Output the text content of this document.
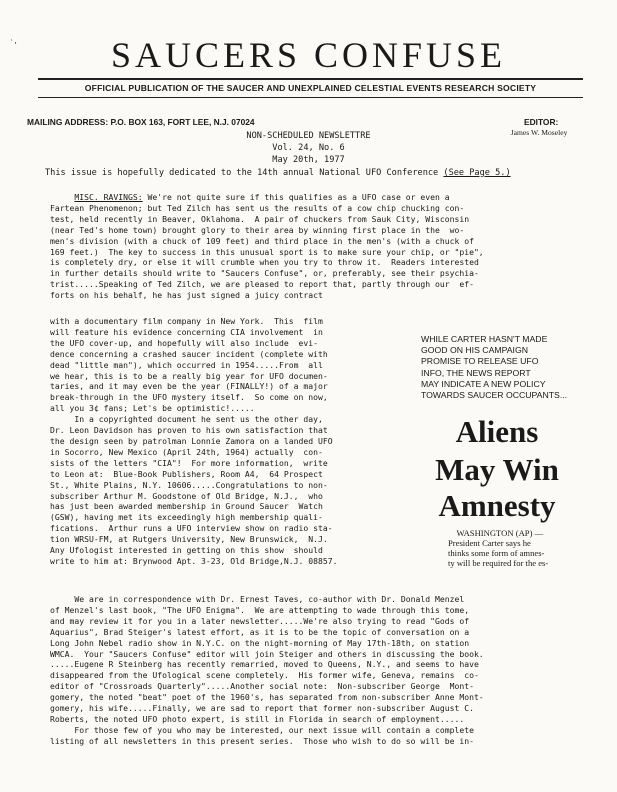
· ,	SAUCERS CONFUSE
OFFICIAL PUBLICATION OF THE SAUCER AND UNEXPLAINED CELESTIAL EVENTS RESEARCH SOCIETY
MAILING ADDRESS: P.O. BOX 163, FORT LEE, N.J. 07024	EDITOR:
James W. Moseley
NON-SCHEDULED NEWSLETTRE
Vol. 24, No. 6
May 20th, 1977
This issue is hopefully dedicated to the 14th annual National UFO Conference (See Page 5.)
MISC. RAVINGS: We're not quite sure if this qualifies as a UFO case or even a
Fartean Phenomenon; but Ted Zilch has sent us the results of a cow chip chucking con-
test, held recently in Beaver, Oklahoma.  A pair of chuckers from Sauk City, Wisconsin
(near Ted's home town) brought glory to their area by winning first place in the  wo-
men's division (with a chuck of 109 feet) and third place in the men's (with a chuck of
169 feet.)  The key to success in this unusual sport is to make sure your chip, or "pie",
is completely dry, or else it will crumble when you try to throw it.  Readers interested
in further details should write to "Saucers Confuse", or, preferably, see their psychia-
trist.....Speaking of Ted Zilch, we are pleased to report that, partly through our  ef-
forts on his behalf, he has just signed a juicy contract
with a documentary film company in New York.  This  film
will feature his evidence concerning CIA involvement  in
the UFO cover-up, and hopefully will also include  evi-
dence concerning a crashed saucer incident (complete with
dead "little man"), which occurred in 1954.....From  all
we hear, this is to be a really big year for UFO documen-
taries, and it may even be the year (FINALLY!) of a major
break-through in the UFO mystery itself.  So come on now,
all you 3¢ fans; Let's be optimistic!.....
In a copyrighted document he sent us the other day,
Dr. Leon Davidson has proven to his own satisfaction that
the design seen by patrolman Lonnie Zamora on a landed UFO
in Socorro, New Mexico (April 24th, 1964) actually  con-
sists of the letters "CIA"!  For more information,  write
to Leon at:  Blue-Book Publishers, Room A4,  64 Prospect
St., White Plains, N.Y. 10606.....Congratulations to non-
subscriber Arthur M. Goodstone of Old Bridge, N.J.,  who
has just been awarded membership in Ground Saucer  Watch
(GSW), having met its exceedingly high membership quali-
fications.  Arthur runs a UFO interview show on radio sta-
tion WRSU-FM, at Rutgers University, New Brunswick,  N.J.
Any Ufologist interested in getting on this show  should
write to him at: Brynwood Apt. 3-23, Old Bridge,N.J. 08857.
WHILE CARTER HASN'T MADE
GOOD ON HIS CAMPAIGN
PROMISE TO RELEASE UFO
INFO, THE NEWS REPORT
MAY INDICATE A NEW POLICY
TOWARDS SAUCER OCCUPANTS...
Aliens
May Win
Amnesty
WASHINGTON (AP) —
President Carter says he
thinks some form of amnes-
ty will be required for the es-
We are in correspondence with Dr. Ernest Taves, co-author with Dr. Donald Menzel
of Menzel's last book, "The UFO Enigma".  We are attempting to wade through this tome,
and may review it for you in a later newsletter.....We're also trying to read "Gods of
Aquarius", Brad Steiger's latest effort, as it is to be the topic of conversation on a
Long John Nebel radio show in N.Y.C. on the night-morning of May 17th-18th, on station
WMCA.  Your "Saucers Confuse" editor will join Steiger and others in discussing the book.
.....Eugene R Steinberg has recently remarried, moved to Queens, N.Y., and seems to have
disappeared from the Ufological scene completely.  His former wife, Geneva, remains  co-
editor of "Crossroads Quarterly".....Another social note:  Non-subscriber George  Mont-
gomery, the noted "beat" poet of the 1960's, has separated from non-subscriber Anne Mont-
gomery, his wife.....Finally, we are sad to report that former non-subscriber August C.
Roberts, the noted UFO photo expert, is still in Florida in search of employment.....
For those few of you who may be interested, our next issue will contain a complete
listing of all newsletters in this present series.  Those who wish to do so will be in-
